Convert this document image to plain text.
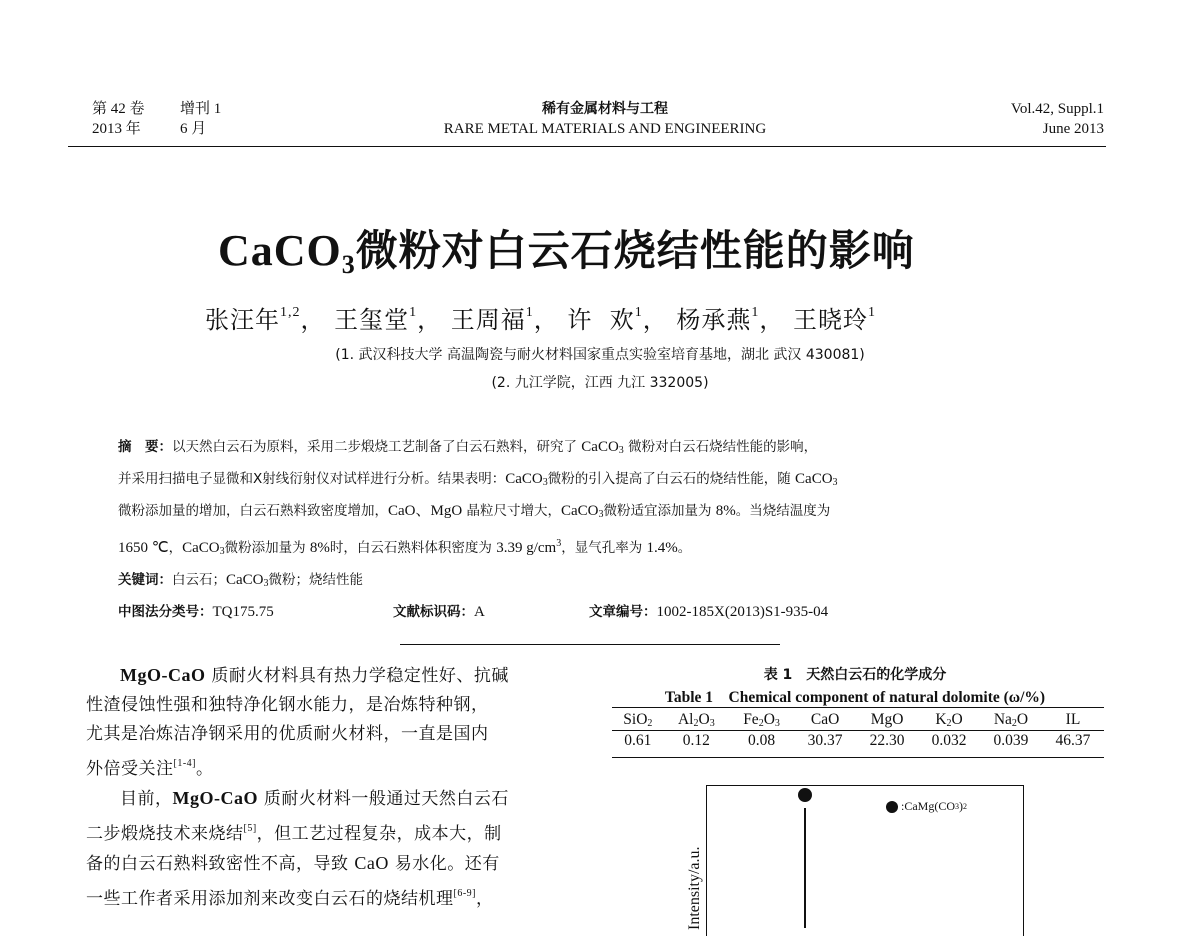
第 42 卷	增刊 1
2013 年	6 月
稀有金属材料与工程
RARE METAL MATERIALS AND ENGINEERING
Vol.42, Suppl.1
June 2013
CaCO$_3$微粉对白云石烧结性能的影响
张汪年$^{1,2}$， 王玺堂$^1$， 王周福$^1$， 许  欢$^1$， 杨承燕$^1$， 王晓玲$^1$
(1. 武汉科技大学 高温陶瓷与耐火材料国家重点实验室培育基地，湖北 武汉 430081)
(2. 九江学院，江西 九江 332005)
摘　要：以天然白云石为原料，采用二步煅烧工艺制备了白云石熟料，研究了 CaCO$_3$ 微粉对白云石烧结性能的影响，
并采用扫描电子显微和X射线衍射仪对试样进行分析。结果表明：CaCO$_3$微粉的引入提高了白云石的烧结性能，随 CaCO$_3$
微粉添加量的增加，白云石熟料致密度增加，CaO、MgO 晶粒尺寸增大，CaCO$_3$微粉适宜添加量为 8%。当烧结温度为
1650 ℃，CaCO$_3$微粉添加量为 8%时，白云石熟料体积密度为 3.39 $g/cm^3$，显气孔率为 1.4%。
关键词：白云石；CaCO$_3$微粉；烧结性能
中图法分类号：TQ175.75	文献标识码：A	文章编号：1002-185X(2013)S1-935-04
MgO-CaO 质耐火材料具有热力学稳定性好、抗碱
性渣侵蚀性强和独特净化钢水能力，是冶炼特种钢，
尤其是冶炼洁净钢采用的优质耐火材料，一直是国内
外倍受关注[1-4]。
目前，MgO-CaO 质耐火材料一般通过天然白云石
二步煅烧技术来烧结[5]，但工艺过程复杂，成本大，制
备的白云石熟料致密性不高，导致 CaO 易水化。还有
一些工作者采用添加剂来改变白云石的烧结机理[6-9]，
表 1　天然白云石的化学成分
Table 1　Chemical component of natural dolomite (ω/%)
SiO$_2$	$Al_2O_3$	$Fe_2O_3$	CaO	MgO	$K_2O$	$Na_2O$	IL
0.61	0.12	0.08	30.37	22.30	0.032	0.039	46.37
: CaMg(CO 3 ) 2
Intensity/a.u.
